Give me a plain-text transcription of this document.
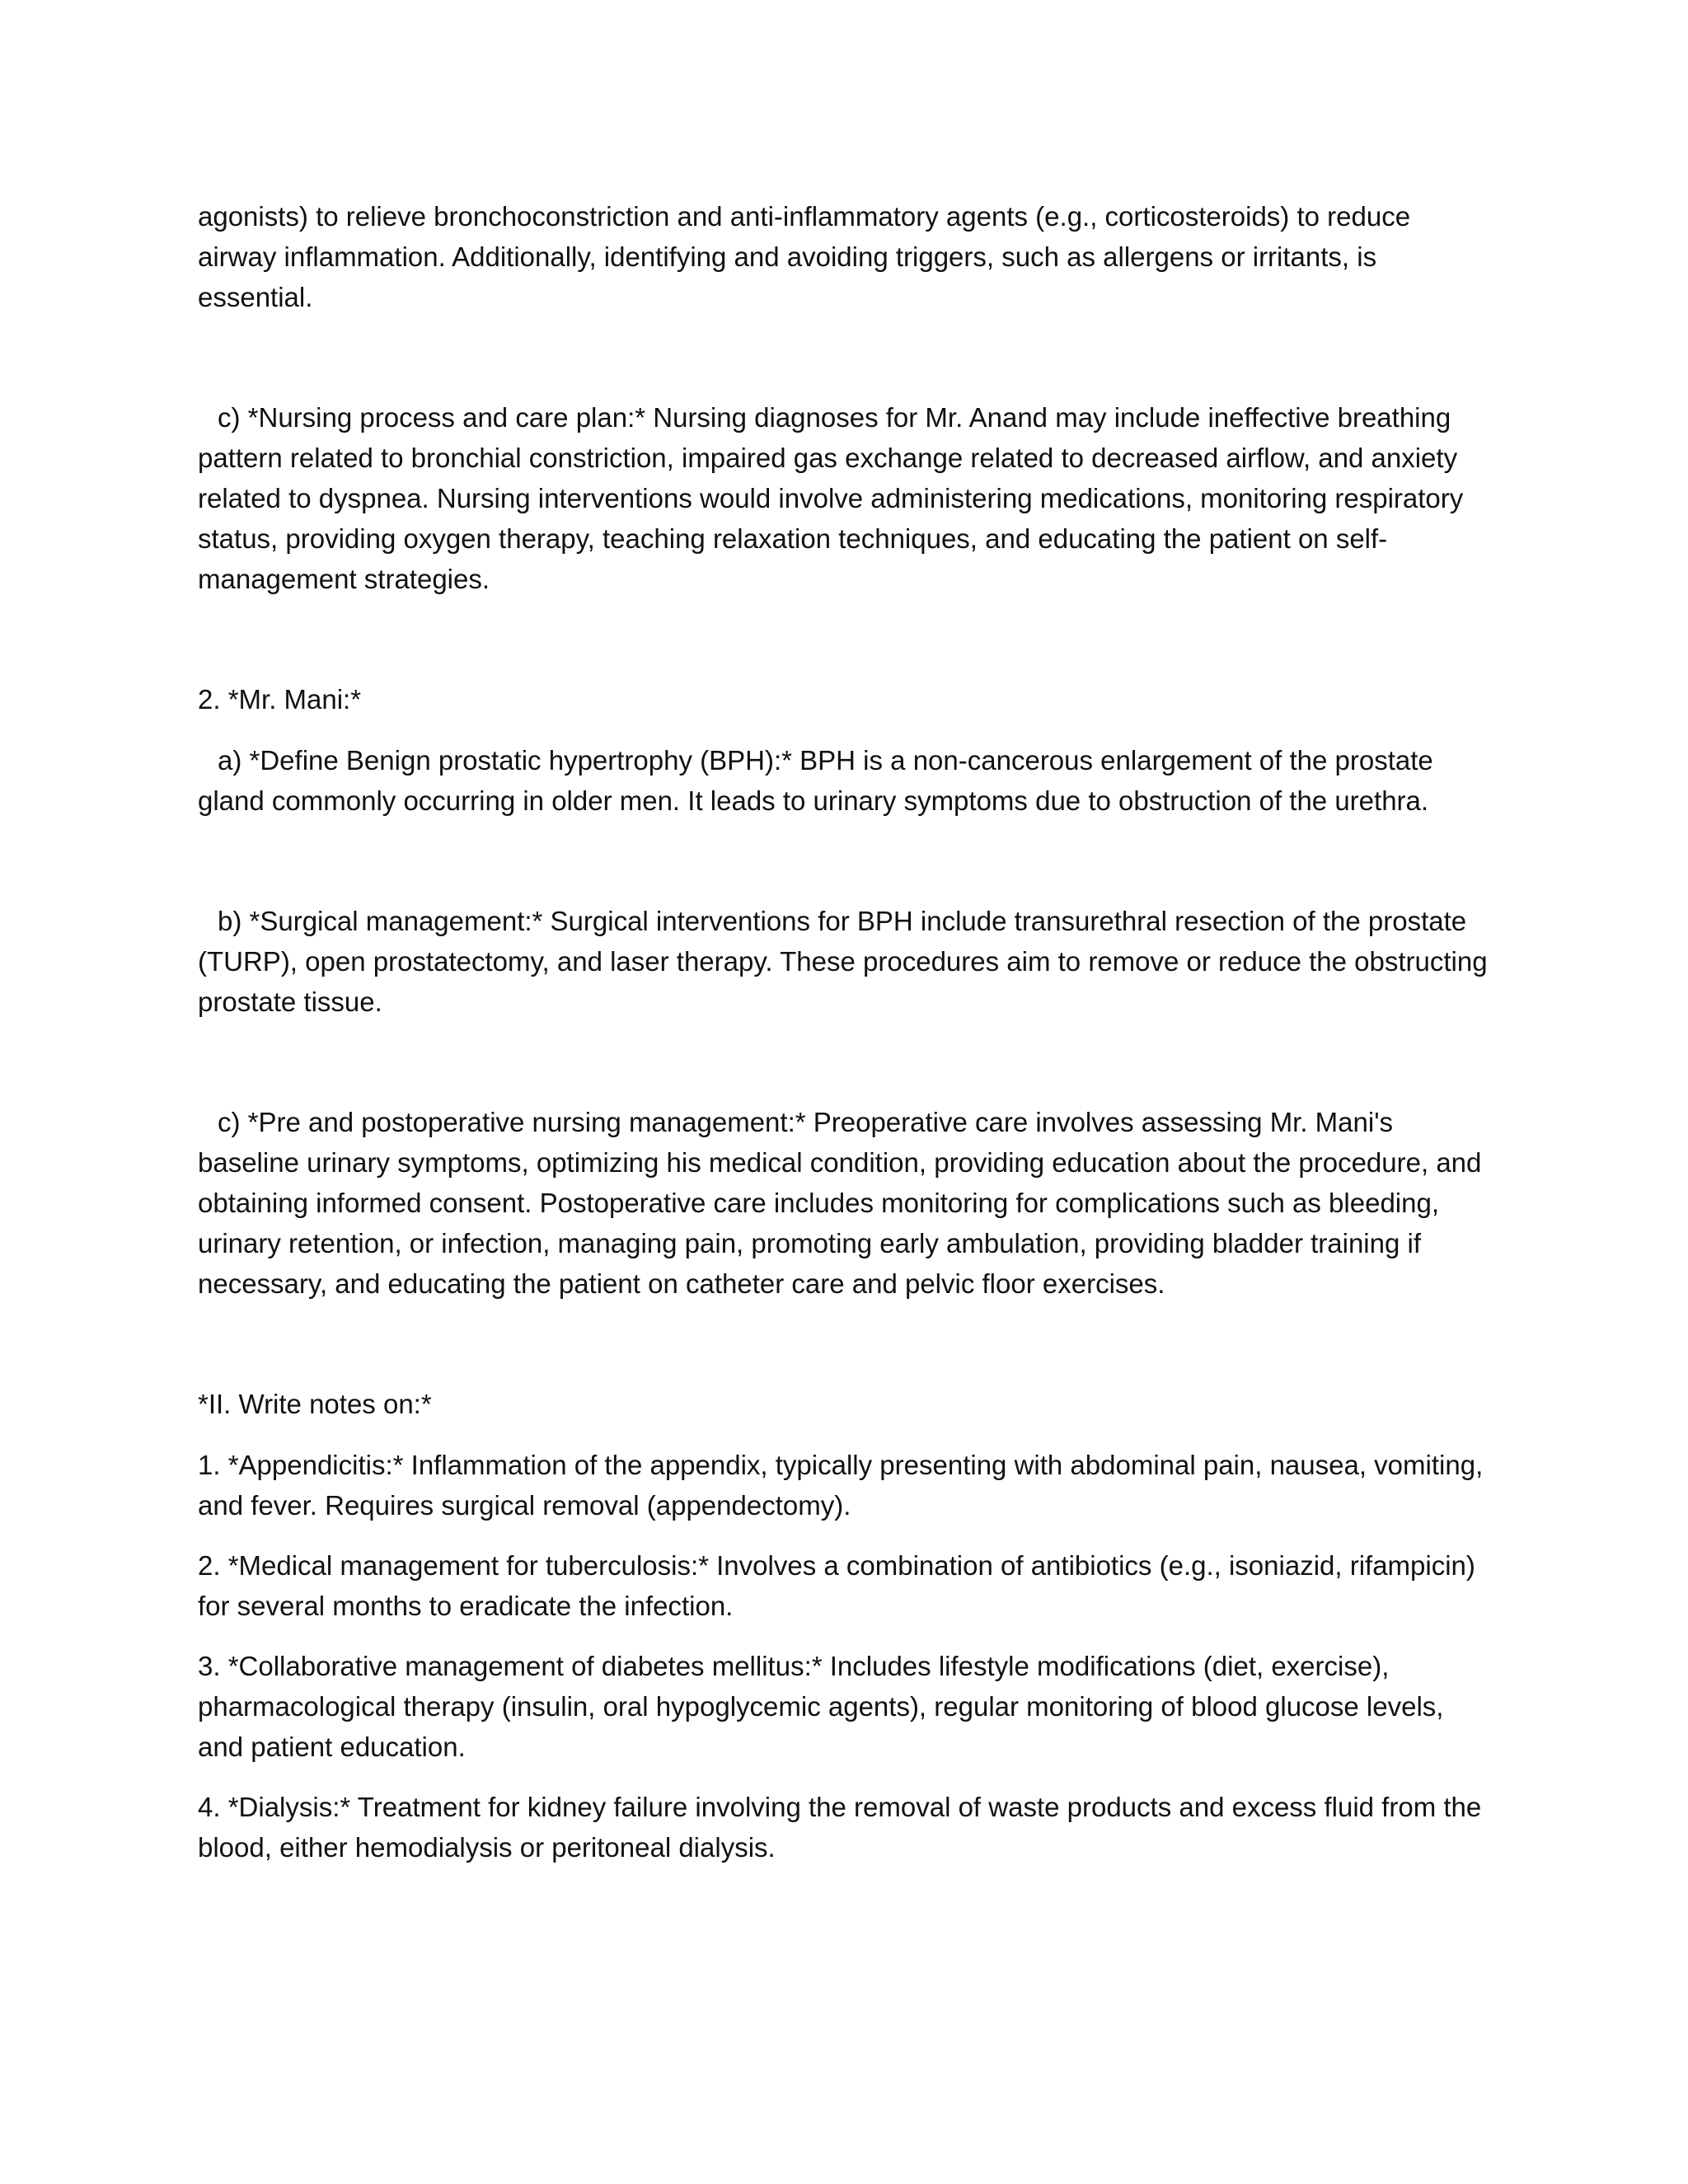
agonists) to relieve bronchoconstriction and anti-inflammatory agents (e.g., corticosteroids) to reduce airway inflammation. Additionally, identifying and avoiding triggers, such as allergens or irritants, is essential.

c) *Nursing process and care plan:* Nursing diagnoses for Mr. Anand may include ineffective breathing pattern related to bronchial constriction, impaired gas exchange related to decreased airflow, and anxiety related to dyspnea. Nursing interventions would involve administering medications, monitoring respiratory status, providing oxygen therapy, teaching relaxation techniques, and educating the patient on self-management strategies.

2. *Mr. Mani:*

a) *Define Benign prostatic hypertrophy (BPH):* BPH is a non-cancerous enlargement of the prostate gland commonly occurring in older men. It leads to urinary symptoms due to obstruction of the urethra.

b) *Surgical management:* Surgical interventions for BPH include transurethral resection of the prostate (TURP), open prostatectomy, and laser therapy. These procedures aim to remove or reduce the obstructing prostate tissue.

c) *Pre and postoperative nursing management:* Preoperative care involves assessing Mr. Mani's baseline urinary symptoms, optimizing his medical condition, providing education about the procedure, and obtaining informed consent. Postoperative care includes monitoring for complications such as bleeding, urinary retention, or infection, managing pain, promoting early ambulation, providing bladder training if necessary, and educating the patient on catheter care and pelvic floor exercises.

*II. Write notes on:*

1. *Appendicitis:* Inflammation of the appendix, typically presenting with abdominal pain, nausea, vomiting, and fever. Requires surgical removal (appendectomy).

2. *Medical management for tuberculosis:* Involves a combination of antibiotics (e.g., isoniazid, rifampicin) for several months to eradicate the infection.

3. *Collaborative management of diabetes mellitus:* Includes lifestyle modifications (diet, exercise), pharmacological therapy (insulin, oral hypoglycemic agents), regular monitoring of blood glucose levels, and patient education.

4. *Dialysis:* Treatment for kidney failure involving the removal of waste products and excess fluid from the blood, either hemodialysis or peritoneal dialysis.
